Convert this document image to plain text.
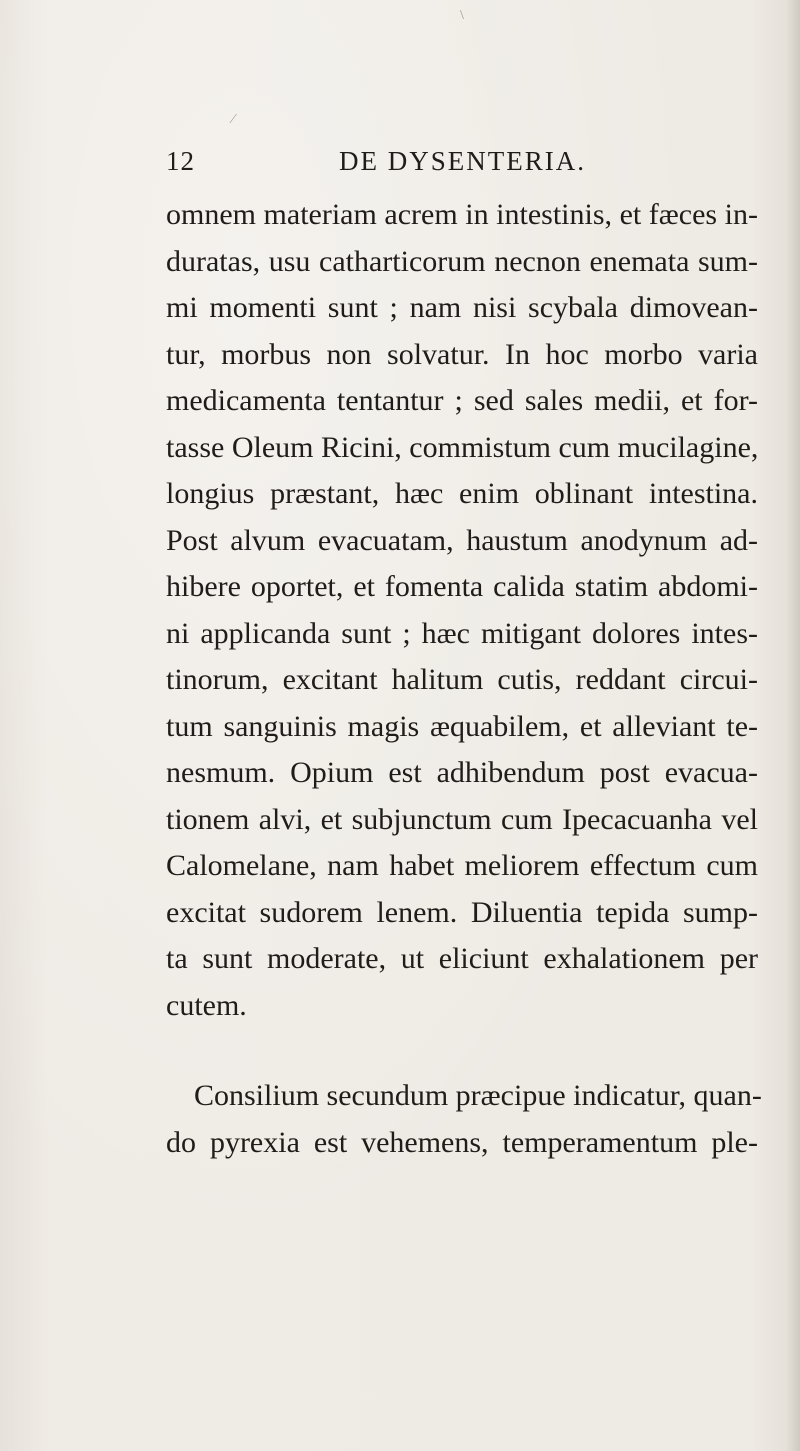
⁄
\
12	DE DYSENTERIA.
omnem materiam acrem in intestinis, et fæces in-
duratas, usu catharticorum necnon enemata sum-
mi momenti sunt ; nam nisi scybala dimovean-
tur, morbus non solvatur. In hoc morbo varia
medicamenta tentantur ; sed sales medii, et for-
tasse Oleum Ricini, commistum cum mucilagine,
longius præstant, hæc enim oblinant intestina.
Post alvum evacuatam, haustum anodynum ad-
hibere oportet, et fomenta calida statim abdomi-
ni applicanda sunt ; hæc mitigant dolores intes-
tinorum, excitant halitum cutis, reddant circui-
tum sanguinis magis æquabilem, et alleviant te-
nesmum. Opium est adhibendum post evacua-
tionem alvi, et subjunctum cum Ipecacuanha vel
Calomelane, nam habet meliorem effectum cum
excitat sudorem lenem. Diluentia tepida sump-
ta sunt moderate, ut eliciunt exhalationem per
cutem.
Consilium secundum præcipue indicatur, quan-
do pyrexia est vehemens, temperamentum ple-
